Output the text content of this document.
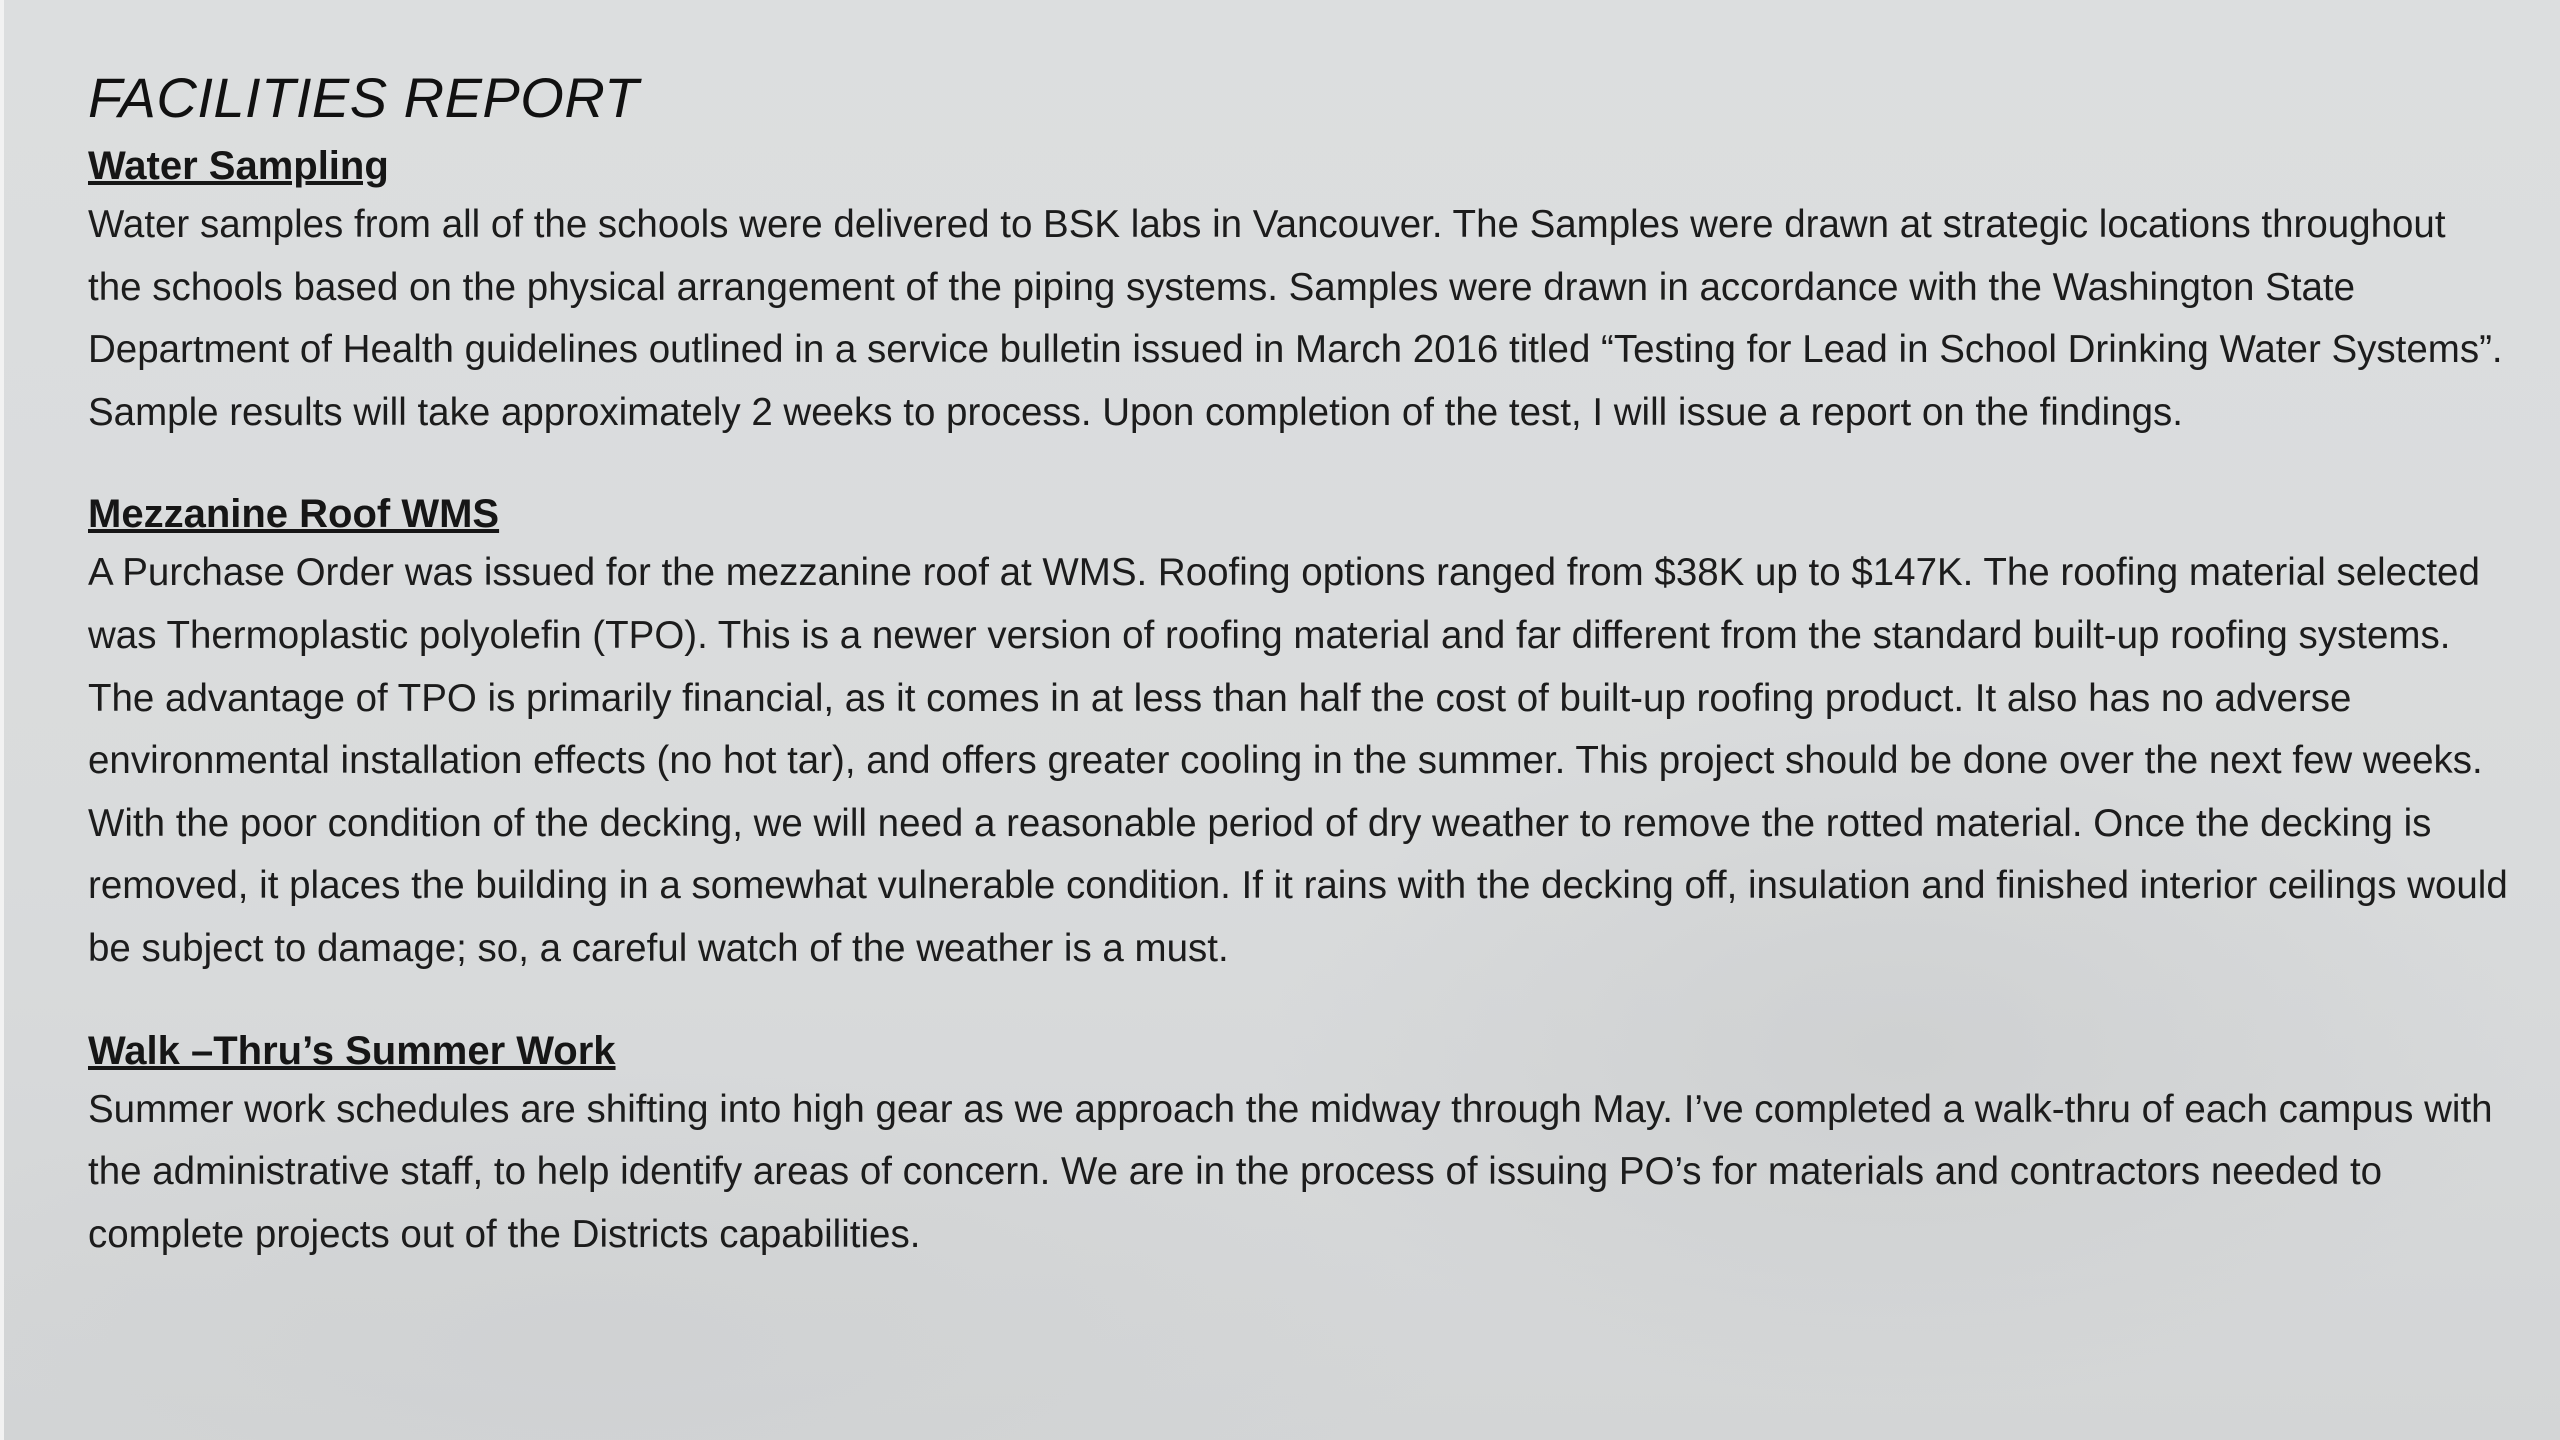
FACILITIES REPORT
Water Sampling

Water samples from all of the schools were delivered to BSK labs in Vancouver. The Samples were drawn at strategic locations throughout the schools based on the physical arrangement of the piping systems. Samples were drawn in accordance with the Washington State Department of Health guidelines outlined in a service bulletin issued in March 2016 titled “Testing for Lead in School Drinking Water Systems”. Sample results will take approximately 2 weeks to process. Upon completion of the test, I will issue a report on the findings.

Mezzanine Roof WMS

A Purchase Order was issued for the mezzanine roof at WMS. Roofing options ranged from $38K up to $147K. The roofing material selected was Thermoplastic polyolefin (TPO). This is a newer version of roofing material and far different from the standard built-up roofing systems. The advantage of TPO is primarily financial, as it comes in at less than half the cost of built-up roofing product. It also has no adverse environmental installation effects (no hot tar), and offers greater cooling in the summer. This project should be done over the next few weeks. With the poor condition of the decking, we will need a reasonable period of dry weather to remove the rotted material. Once the decking is removed, it places the building in a somewhat vulnerable condition. If it rains with the decking off, insulation and finished interior ceilings would be subject to damage; so, a careful watch of the weather is a must.

Walk –Thru’s Summer Work

Summer work schedules are shifting into high gear as we approach the midway through May. I’ve completed a walk-thru of each campus with the administrative staff, to help identify areas of concern. We are in the process of issuing PO’s for materials and contractors needed to complete projects out of the Districts capabilities.
